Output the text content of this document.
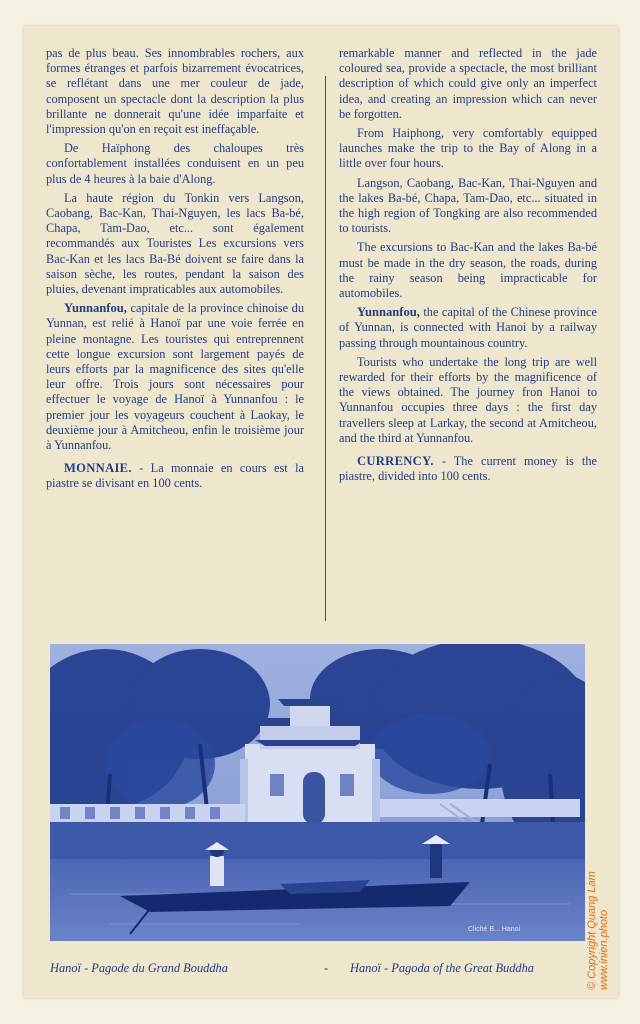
pas de plus beau. Ses innombrables rochers, aux formes étranges et parfois bizarrement évocatrices, se reflétant dans une mer couleur de jade, composent un spectacle dont la description la plus brillante ne donnerait qu'une idée imparfaite et l'impression qu'on en reçoit est ineffaçable.

De Haïphong des chaloupes très confortablement installées conduisent en un peu plus de 4 heures à la baie d'Along.

La haute région du Tonkin vers Langson, Caobang, Bac-Kan, Thai-Nguyen, les lacs Ba-bé, Chapa, Tam-Dao, etc... sont également recommandés aux Touristes Les excursions vers Bac-Kan et les lacs Ba-Bé doivent se faire dans la saison sèche, les routes, pendant la saison des pluies, devenant impraticables aux automobiles.

Yunnanfou, capitale de la province chinoise du Yunnan, est relié à Hanoï par une voie ferrée en pleine montagne. Les touristes qui entreprennent cette longue excursion sont largement payés de leurs efforts par la magnificence des sites qu'elle leur offre. Trois jours sont nécessaires pour effectuer le voyage de Hanoï à Yunnanfou : le premier jour les voyageurs couchent à Laokay, le deuxième jour à Amitcheou, enfin le troisième jour à Yunnanfou.

MONNAIE. - La monnaie en cours est la piastre se divisant en 100 cents.

remarkable manner and reflected in the jade coloured sea, provide a spectacle, the most brilliant description of which could give only an imperfect idea, and creating an impression which can never be forgotten.

From Haiphong, very comfortably equipped launches make the trip to the Bay of Along in a little over four hours.

Langson, Caobang, Bac-Kan, Thai-Nguyen and the lakes Ba-bé, Chapa, Tam-Dao, etc... situated in the high region of Tongking are also recommended to tourists.

The excursions to Bac-Kan and the lakes Ba-bé must be made in the dry season, the roads, during the rainy season being impracticable for automobiles.

Yunnanfou, the capital of the Chinese province of Yunnan, is connected with Hanoi by a railway passing through mountainous country.

Tourists who undertake the long trip are well rewarded for their efforts by the magnificence of the views obtained. The journey fron Hanoi to Yunnanfou occupies three days : the first day travellers sleep at Larkay, the second at Amitcheou, and the third at Yunnanfou.

CURRENCY. - The current money is the piastre, divided into 100 cents.

Cliché B... Hanoi
Hanoï - Pagode du Grand Bouddha	- Hanoï - Pagoda of the Great Buddha	© Copyright Quang Lam www.inien.photo
